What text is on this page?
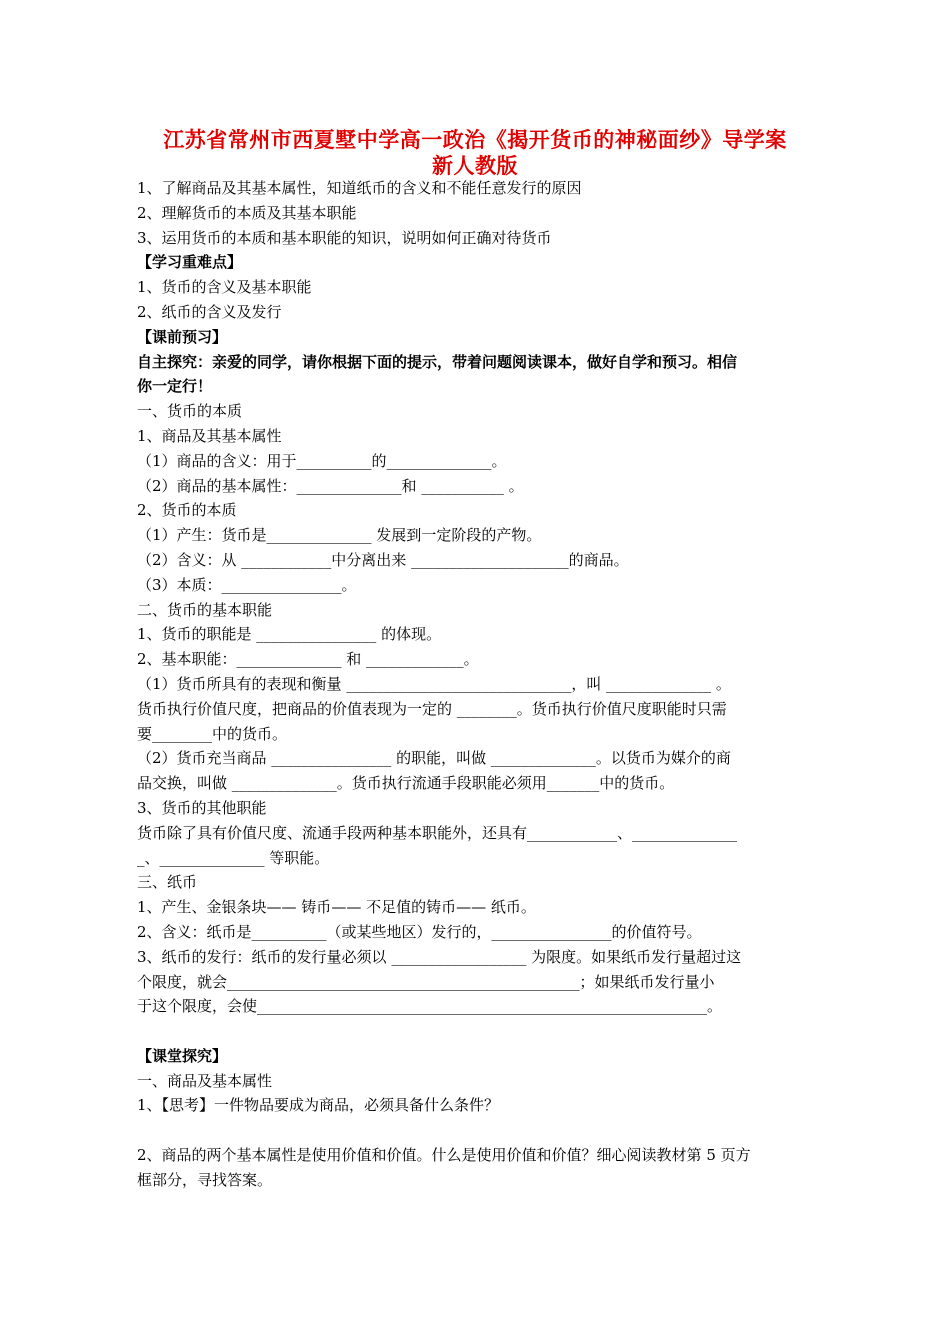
江苏省常州市西夏墅中学高一政治《揭开货币的神秘面纱》导学案
新人教版
1、了解商品及其基本属性，知道纸币的含义和不能任意发行的原因
2、理解货币的本质及其基本职能
3、运用货币的本质和基本职能的知识，说明如何正确对待货币
【学习重难点】
1、货币的含义及基本职能
2、纸币的含义及发行
【课前预习】
自主探究：亲爱的同学，请你根据下面的提示，带着问题阅读课本，做好自学和预习。相信
你一定行！
一、货币的本质
1、商品及其基本属性
（1）商品的含义：用于__________的______________。
（2）商品的基本属性：______________和 ___________ 。
2、货币的本质
（1）产生：货币是______________ 发展到一定阶段的产物。
（2）含义：从 ____________中分离出来 _____________________的商品。
（3）本质：________________。
二、货币的基本职能
1、货币的职能是 ________________ 的体现。
2、基本职能：______________ 和 _____________。
（1）货币所具有的表现和衡量 ______________________________，叫 ______________ 。
货币执行价值尺度，把商品的价值表现为一定的 ________。货币执行价值尺度职能时只需
要________中的货币。
（2）货币充当商品 ________________ 的职能，叫做 ______________。以货币为媒介的商
品交换，叫做 ______________。货币执行流通手段职能必须用_______中的货币。
3、货币的其他职能
货币除了具有价值尺度、流通手段两种基本职能外，还具有____________、______________
_、______________ 等职能。
三、纸币
1、产生、金银条块—— 铸币—— 不足值的铸币—— 纸币。
2、含义：纸币是__________（或某些地区）发行的，________________的价值符号。
3、纸币的发行：纸币的发行量必须以 __________________ 为限度。如果纸币发行量超过这
个限度，就会_______________________________________________；如果纸币发行量小
于这个限度，会使____________________________________________________________。
【课堂探究】
一、商品及基本属性
1、【思考】一件物品要成为商品，必须具备什么条件？
2、商品的两个基本属性是使用价值和价值。什么是使用价值和价值？细心阅读教材第 5 页方
框部分，寻找答案。
